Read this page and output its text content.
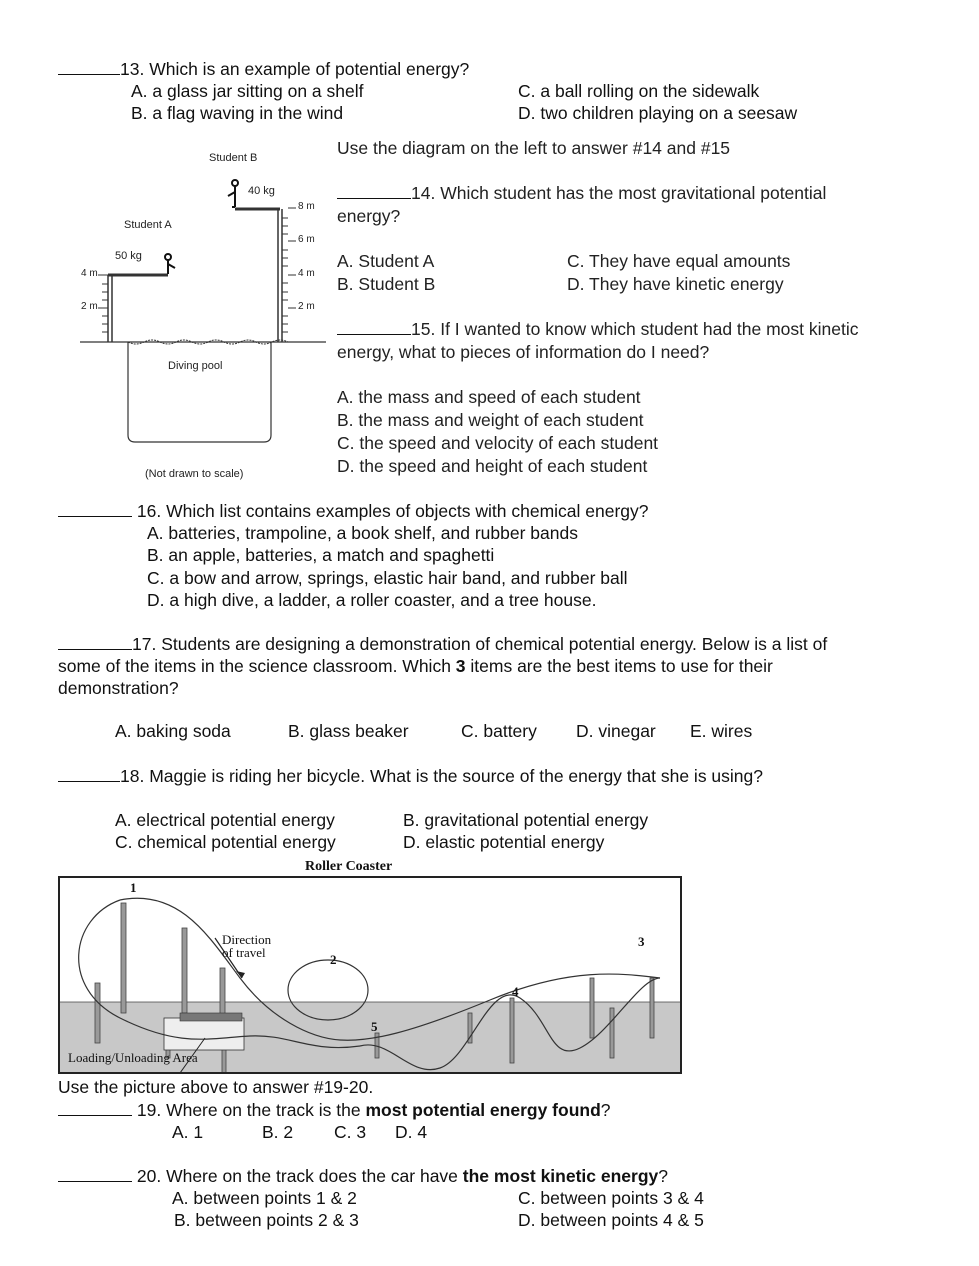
13. Which is an example of potential energy?
A. a glass jar sitting on a shelf
B. a flag waving in the wind
C. a ball rolling on the sidewalk
D. two children playing on a seesaw
Student B
40 kg
Student A
50 kg
8 m
6 m
4 m
2 m
4 m
2 m
Diving pool
(Not drawn to scale)
Use the diagram on the left to answer #14 and #15
14. Which student has the most gravitational potential
energy?
A. Student A
B. Student B
C. They have equal amounts
D. They have kinetic energy
15. If I wanted to know which student had the most kinetic
energy, what to pieces of information do I need?
A. the mass and speed of each student
B. the mass and weight of each student
C. the speed and velocity of each student
D. the speed and height of each student
16. Which list contains examples of objects with chemical energy?
A. batteries, trampoline, a book shelf, and rubber bands
B. an apple, batteries, a match and spaghetti
C. a bow and arrow, springs, elastic hair band, and rubber ball
D. a high dive, a ladder, a roller coaster, and a tree house.
17. Students are designing a demonstration of chemical potential energy. Below is a list of
some of the items in the science classroom. Which 3 items are the best items to use for their
demonstration?
A. baking soda	B. glass beaker	C. battery D. vinegar E. wires
18. Maggie is riding her bicycle. What is the source of the energy that she is using?
A. electrical potential energy	B. gravitational potential energy
C. chemical potential energy	D. elastic potential energy
Roller Coaster
1
2
3
4
5
Direction
of travel
Loading/Unloading Area
Use the picture above to answer #19-20.
19. Where on the track is the most potential energy found?
A. 1	B. 2 C. 3 D. 4
20. Where on the track does the car have the most kinetic energy?
A. between points 1 & 2
B. between points 2 & 3
C. between points 3 & 4
D. between points 4 & 5
